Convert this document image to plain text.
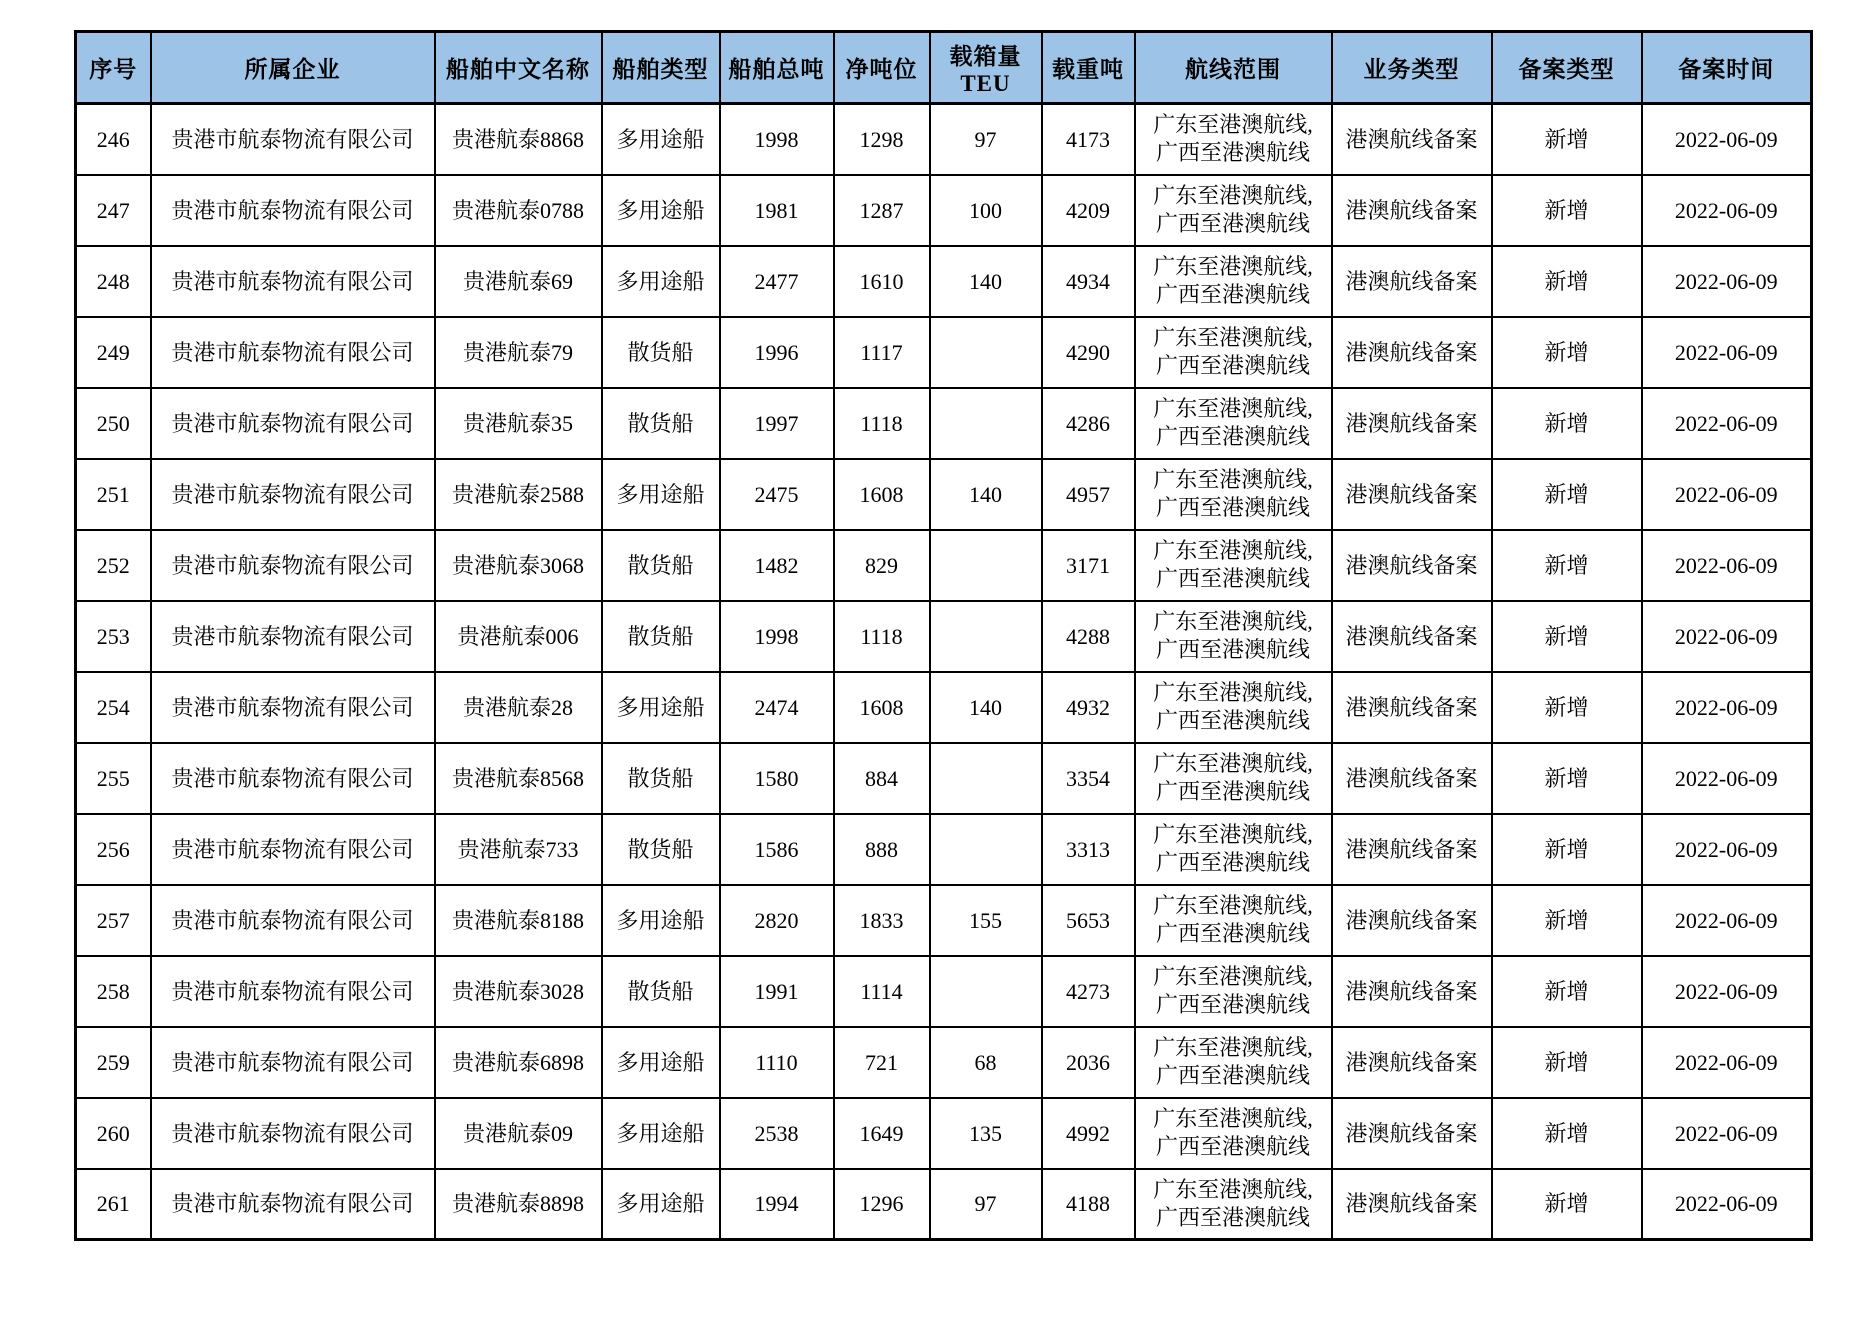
序号	所属企业	船舶中文名称	船舶类型	船舶总吨	净吨位	载箱量TEU	载重吨	航线范围	业务类型	备案类型	备案时间
246	贵港市航泰物流有限公司	贵港航泰8868	多用途船	1998	1298	97	4173	广东至港澳航线,
广西至港澳航线	港澳航线备案	新增	2022-06-09
247	贵港市航泰物流有限公司	贵港航泰0788	多用途船	1981	1287	100	4209	广东至港澳航线,
广西至港澳航线	港澳航线备案	新增	2022-06-09
248	贵港市航泰物流有限公司	贵港航泰69	多用途船	2477	1610	140	4934	广东至港澳航线,
广西至港澳航线	港澳航线备案	新增	2022-06-09
249	贵港市航泰物流有限公司	贵港航泰79	散货船	1996	1117		4290	广东至港澳航线,
广西至港澳航线	港澳航线备案	新增	2022-06-09
250	贵港市航泰物流有限公司	贵港航泰35	散货船	1997	1118		4286	广东至港澳航线,
广西至港澳航线	港澳航线备案	新增	2022-06-09
251	贵港市航泰物流有限公司	贵港航泰2588	多用途船	2475	1608	140	4957	广东至港澳航线,
广西至港澳航线	港澳航线备案	新增	2022-06-09
252	贵港市航泰物流有限公司	贵港航泰3068	散货船	1482	829		3171	广东至港澳航线,
广西至港澳航线	港澳航线备案	新增	2022-06-09
253	贵港市航泰物流有限公司	贵港航泰006	散货船	1998	1118		4288	广东至港澳航线,
广西至港澳航线	港澳航线备案	新增	2022-06-09
254	贵港市航泰物流有限公司	贵港航泰28	多用途船	2474	1608	140	4932	广东至港澳航线,
广西至港澳航线	港澳航线备案	新增	2022-06-09
255	贵港市航泰物流有限公司	贵港航泰8568	散货船	1580	884		3354	广东至港澳航线,
广西至港澳航线	港澳航线备案	新增	2022-06-09
256	贵港市航泰物流有限公司	贵港航泰733	散货船	1586	888		3313	广东至港澳航线,
广西至港澳航线	港澳航线备案	新增	2022-06-09
257	贵港市航泰物流有限公司	贵港航泰8188	多用途船	2820	1833	155	5653	广东至港澳航线,
广西至港澳航线	港澳航线备案	新增	2022-06-09
258	贵港市航泰物流有限公司	贵港航泰3028	散货船	1991	1114		4273	广东至港澳航线,
广西至港澳航线	港澳航线备案	新增	2022-06-09
259	贵港市航泰物流有限公司	贵港航泰6898	多用途船	1110	721	68	2036	广东至港澳航线,
广西至港澳航线	港澳航线备案	新增	2022-06-09
260	贵港市航泰物流有限公司	贵港航泰09	多用途船	2538	1649	135	4992	广东至港澳航线,
广西至港澳航线	港澳航线备案	新增	2022-06-09
261	贵港市航泰物流有限公司	贵港航泰8898	多用途船	1994	1296	97	4188	广东至港澳航线,
广西至港澳航线	港澳航线备案	新增	2022-06-09
